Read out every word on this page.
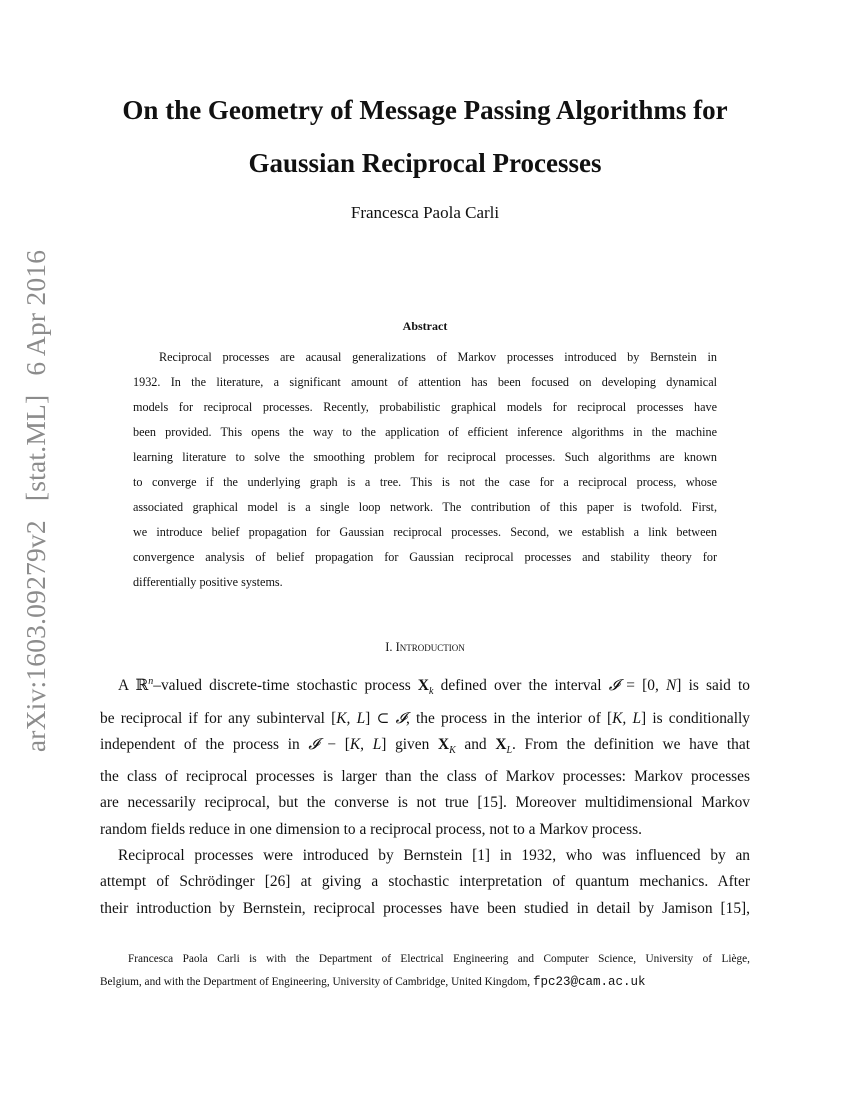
arXiv:1603.09279v2 [stat.ML] 6 Apr 2016
On the Geometry of Message Passing Algorithms for
Gaussian Reciprocal Processes
Francesca Paola Carli
Abstract
Reciprocal processes are acausal generalizations of Markov processes introduced by Bernstein in
1932. In the literature, a significant amount of attention has been focused on developing dynamical
models for reciprocal processes. Recently, probabilistic graphical models for reciprocal processes have
been provided. This opens the way to the application of efficient inference algorithms in the machine
learning literature to solve the smoothing problem for reciprocal processes. Such algorithms are known
to converge if the underlying graph is a tree. This is not the case for a reciprocal process, whose
associated graphical model is a single loop network. The contribution of this paper is twofold. First,
we introduce belief propagation for Gaussian reciprocal processes. Second, we establish a link between
convergence analysis of belief propagation for Gaussian reciprocal processes and stability theory for
differentially positive systems.
I. Introduction
A ℝ$^n$–valued discrete-time stochastic process $X_k$ defined over the interval 𝓘 = [0, N] is said to
be reciprocal if for any subinterval [K, L] ⊂ 𝓘, the process in the interior of [K, L] is conditionally
independent of the process in 𝓘 − [K, L] given $X_K$ and $X_L$. From the definition we have that
the class of reciprocal processes is larger than the class of Markov processes: Markov processes
are necessarily reciprocal, but the converse is not true [15]. Moreover multidimensional Markov
random fields reduce in one dimension to a reciprocal process, not to a Markov process.
Reciprocal processes were introduced by Bernstein [1] in 1932, who was influenced by an
attempt of Schrödinger [26] at giving a stochastic interpretation of quantum mechanics. After
their introduction by Bernstein, reciprocal processes have been studied in detail by Jamison [15],
Francesca Paola Carli is with the Department of Electrical Engineering and Computer Science, University of Liège,
Belgium, and with the Department of Engineering, University of Cambridge, United Kingdom, fpc23@cam.ac.uk
